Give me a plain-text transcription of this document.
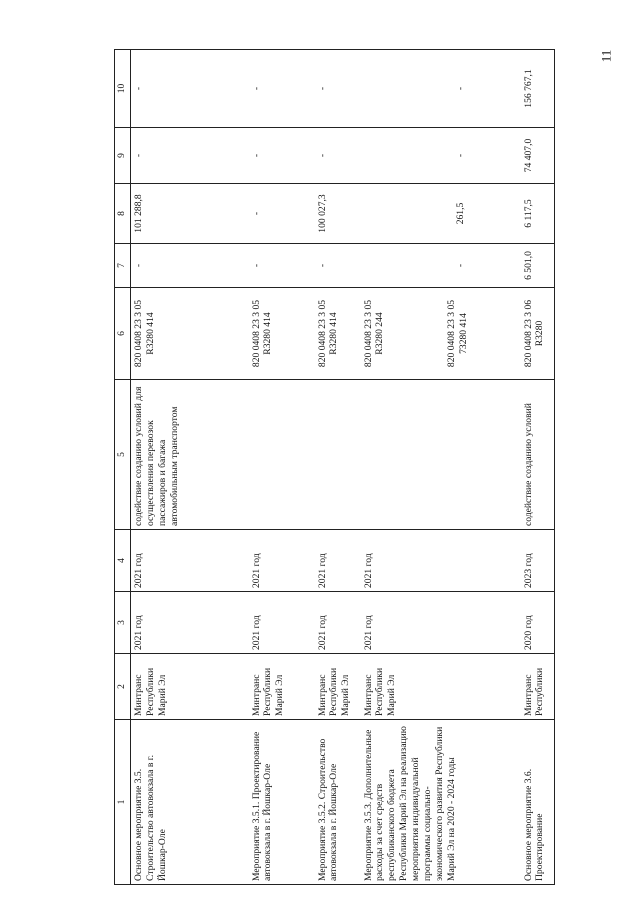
11
1	2	3	4	5	6	7	8	9	10
Основное мероприятие 3.5. Строительство автовокзала в г. Йошкар-Оле	Минтранс Республики Марий Эл	2021 год	2021 год	содействие созданию условий для осуществления перевозок пассажиров и багажа автомобильным транспортом	820 0408 23 3 05 R3280 414	-	101 288,8	-	-
Мероприятие 3.5.1. Проектирование автовокзала в г. Йошкар-Оле	Минтранс Республики Марий Эл	2021 год	2021 год		820 0408 23 3 05 R3280 414	-	-	-	-
Мероприятие 3.5.2. Строительство автовокзала в г. Йошкар-Оле	Минтранс Республики Марий Эл	2021 год	2021 год		820 0408 23 3 05 R3280 414	-	100 027,3	-	-
Мероприятие 3.5.3. Дополнительные расходы за счет средств республиканского бюджета Республики Марий Эл на реализацию мероприятия индивидуальной программы социально-экономического развития Республики Марий Эл на 2020 - 2024 годы	Минтранс Республики Марий Эл	2021 год	2021 год		820 0408 23 3 05 R3280 244 820 0408 23 3 05 73280 414	-	261,5	-	-
Основное мероприятие 3.6. Проектирование	Минтранс Республики	2020 год	2023 год	содействие созданию условий	820 0408 23 3 06 R3280	6 501,0	6 117,5	74 407,0	156 767,1
